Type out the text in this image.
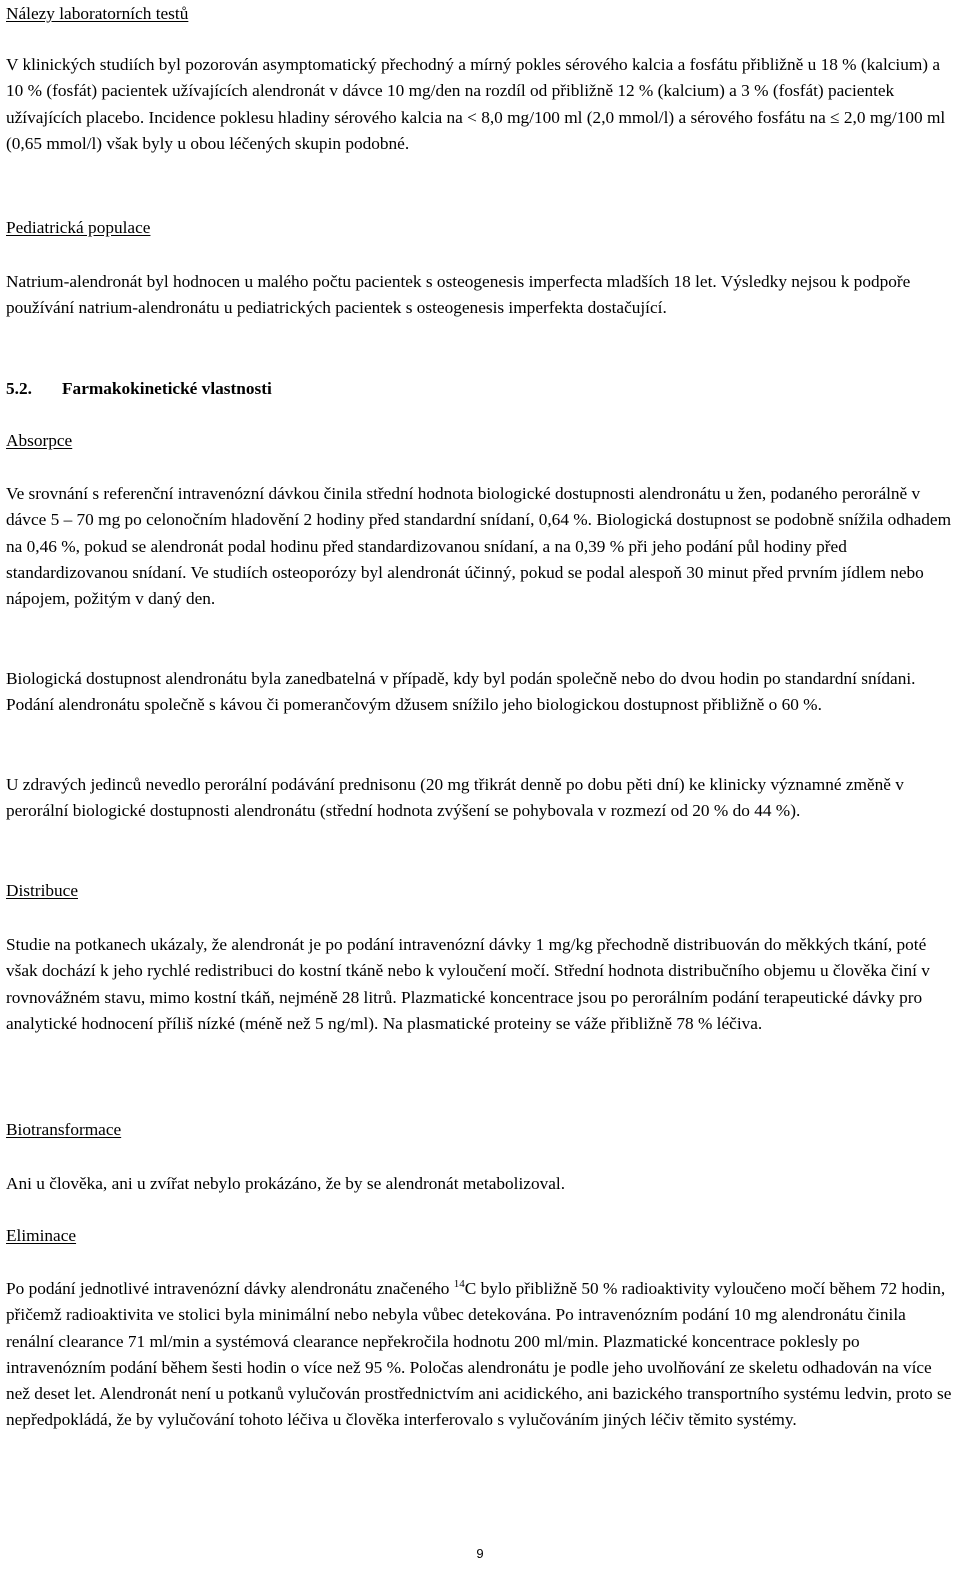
Nálezy laboratorních testů

V klinických studiích byl pozorován asymptomatický přechodný a mírný pokles sérového kalcia a fosfátu přibližně u 18 % (kalcium) a 10 % (fosfát) pacientek užívajících alendronát v dávce 10 mg/den na rozdíl od přibližně 12 % (kalcium) a 3 % (fosfát) pacientek užívajících placebo. Incidence poklesu hladiny sérového kalcia na < 8,0 mg/100 ml (2,0 mmol/l) a sérového fosfátu na ≤ 2,0 mg/100 ml (0,65 mmol/l) však byly u obou léčených skupin podobné.

Pediatrická populace

Natrium-alendronát byl hodnocen u malého počtu pacientek s osteogenesis imperfecta mladších 18 let. Výsledky nejsou k podpoře používání natrium-alendronátu u pediatrických pacientek s osteogenesis imperfekta dostačující.

5.2. Farmakokinetické vlastnosti

Absorpce

Ve srovnání s referenční intravenózní dávkou činila střední hodnota biologické dostupnosti alendronátu u žen, podaného perorálně v dávce 5 – 70 mg po celonočním hladovění 2 hodiny před standardní snídaní, 0,64 %. Biologická dostupnost se podobně snížila odhadem na 0,46 %, pokud se alendronát podal hodinu před standardizovanou snídaní, a na 0,39 % při jeho podání půl hodiny před standardizovanou snídaní. Ve studiích osteoporózy byl alendronát účinný, pokud se podal alespoň 30 minut před prvním jídlem nebo nápojem, požitým v daný den.

Biologická dostupnost alendronátu byla zanedbatelná v případě, kdy byl podán společně nebo do dvou hodin po standardní snídani. Podání alendronátu společně s kávou či pomerančovým džusem snížilo jeho biologickou dostupnost přibližně o 60 %.

U zdravých jedinců nevedlo perorální podávání prednisonu (20 mg třikrát denně po dobu pěti dní) ke klinicky významné změně v perorální biologické dostupnosti alendronátu (střední hodnota zvýšení se pohybovala v rozmezí od 20 % do 44 %).

Distribuce

Studie na potkanech ukázaly, že alendronát je po podání intravenózní dávky 1 mg/kg přechodně distribuován do měkkých tkání, poté však dochází k jeho rychlé redistribuci do kostní tkáně nebo k vyloučení močí. Střední hodnota distribučního objemu u člověka činí v rovnovážném stavu, mimo kostní tkáň, nejméně 28 litrů. Plazmatické koncentrace jsou po perorálním podání terapeutické dávky pro analytické hodnocení příliš nízké (méně než 5 ng/ml). Na plasmatické proteiny se váže přibližně 78 % léčiva.

Biotransformace

Ani u člověka, ani u zvířat nebylo prokázáno, že by se alendronát metabolizoval.

Eliminace

Po podání jednotlivé intravenózní dávky alendronátu značeného $^{14}$C bylo přibližně 50 % radioaktivity vyloučeno močí během 72 hodin, přičemž radioaktivita ve stolici byla minimální nebo nebyla vůbec detekována. Po intravenózním podání 10 mg alendronátu činila renální clearance 71 ml/min a systémová clearance nepřekročila hodnotu 200 ml/min. Plazmatické koncentrace poklesly po intravenózním podání během šesti hodin o více než 95 %. Poločas alendronátu je podle jeho uvolňování ze skeletu odhadován na více než deset let. Alendronát není u potkanů vylučován prostřednictvím ani acidického, ani bazického transportního systému ledvin, proto se nepředpokládá, že by vylučování tohoto léčiva u člověka interferovalo s vylučováním jiných léčiv těmito systémy.

9
